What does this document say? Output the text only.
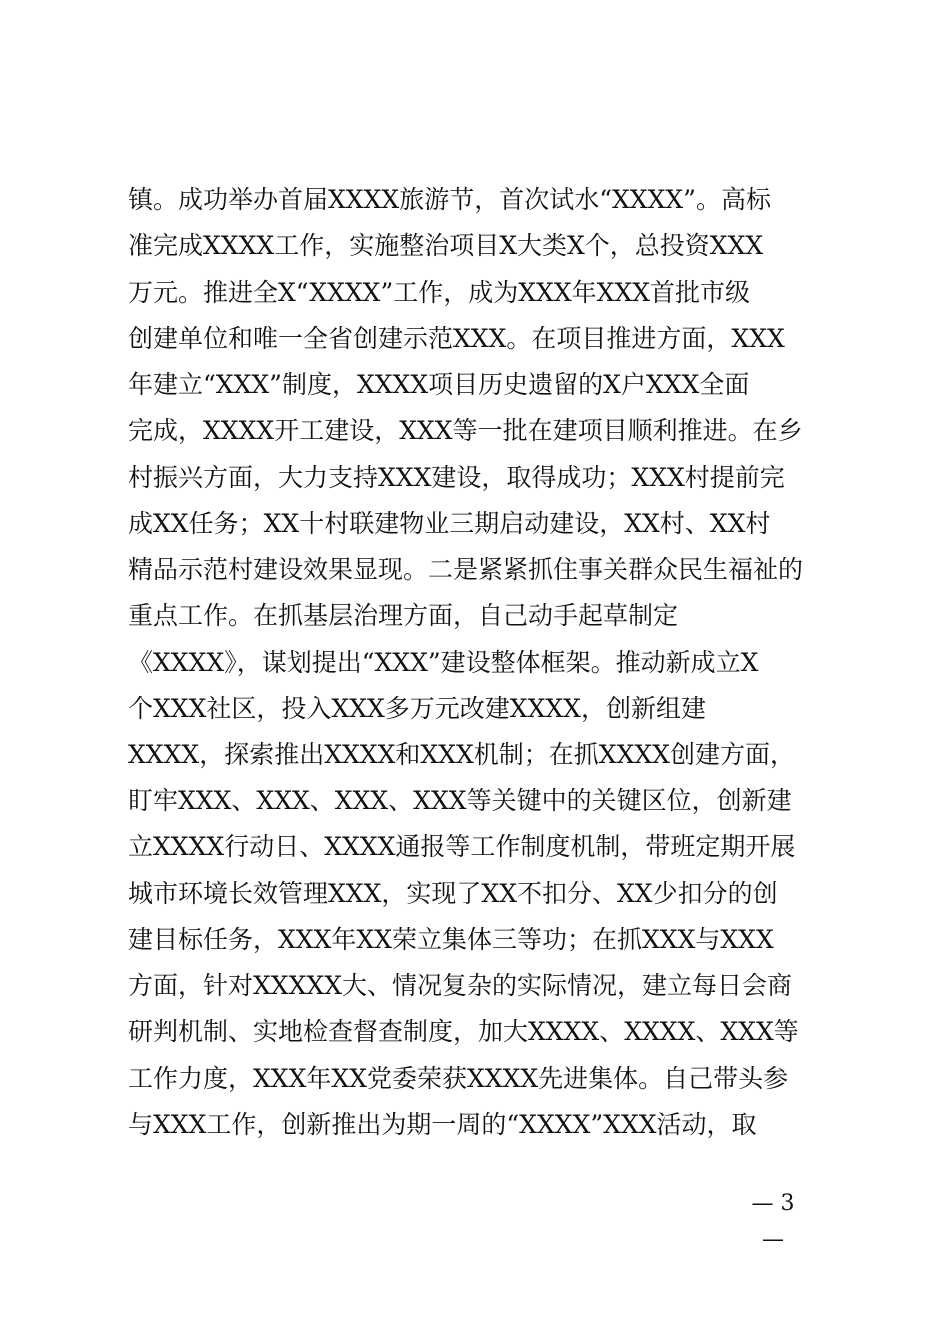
镇。成功举办首届XXXX旅游节，首次试水“XXXX”。高标
准完成XXXX工作，实施整治项目X大类X个，总投资XXX
万元。推进全X“XXXX”工作，成为XXX年XXX首批市级
创建单位和唯一全省创建示范XXX。在项目推进方面，XXX
年建立“XXX”制度，XXXX项目历史遗留的X户XXX全面
完成，XXXX开工建设，XXX等一批在建项目顺利推进。在乡
村振兴方面，大力支持XXX建设，取得成功；XXX村提前完
成XX任务；XX十村联建物业三期启动建设，XX村、XX村
精品示范村建设效果显现。二是紧紧抓住事关群众民生福祉的
重点工作。在抓基层治理方面，自己动手起草制定
《XXXX》，谋划提出“XXX”建设整体框架。推动新成立X
个XXX社区，投入XXX多万元改建XXXX，创新组建
XXXX，探索推出XXXX和XXX机制；在抓XXXX创建方面，
盯牢XXX、XXX、XXX、XXX等关键中的关键区位，创新建
立XXXX行动日、XXXX通报等工作制度机制，带班定期开展
城市环境长效管理XXX，实现了XX不扣分、XX少扣分的创
建目标任务，XXX年XX荣立集体三等功；在抓XXX与XXX
方面，针对XXXXX大、情况复杂的实际情况，建立每日会商
研判机制、实地检查督查制度，加大XXXX、XXXX、XXX等
工作力度，XXX年XX党委荣获XXXX先进集体。自己带头参
与XXX工作，创新推出为期一周的“XXXX”XXX活动，取
— 3 —
